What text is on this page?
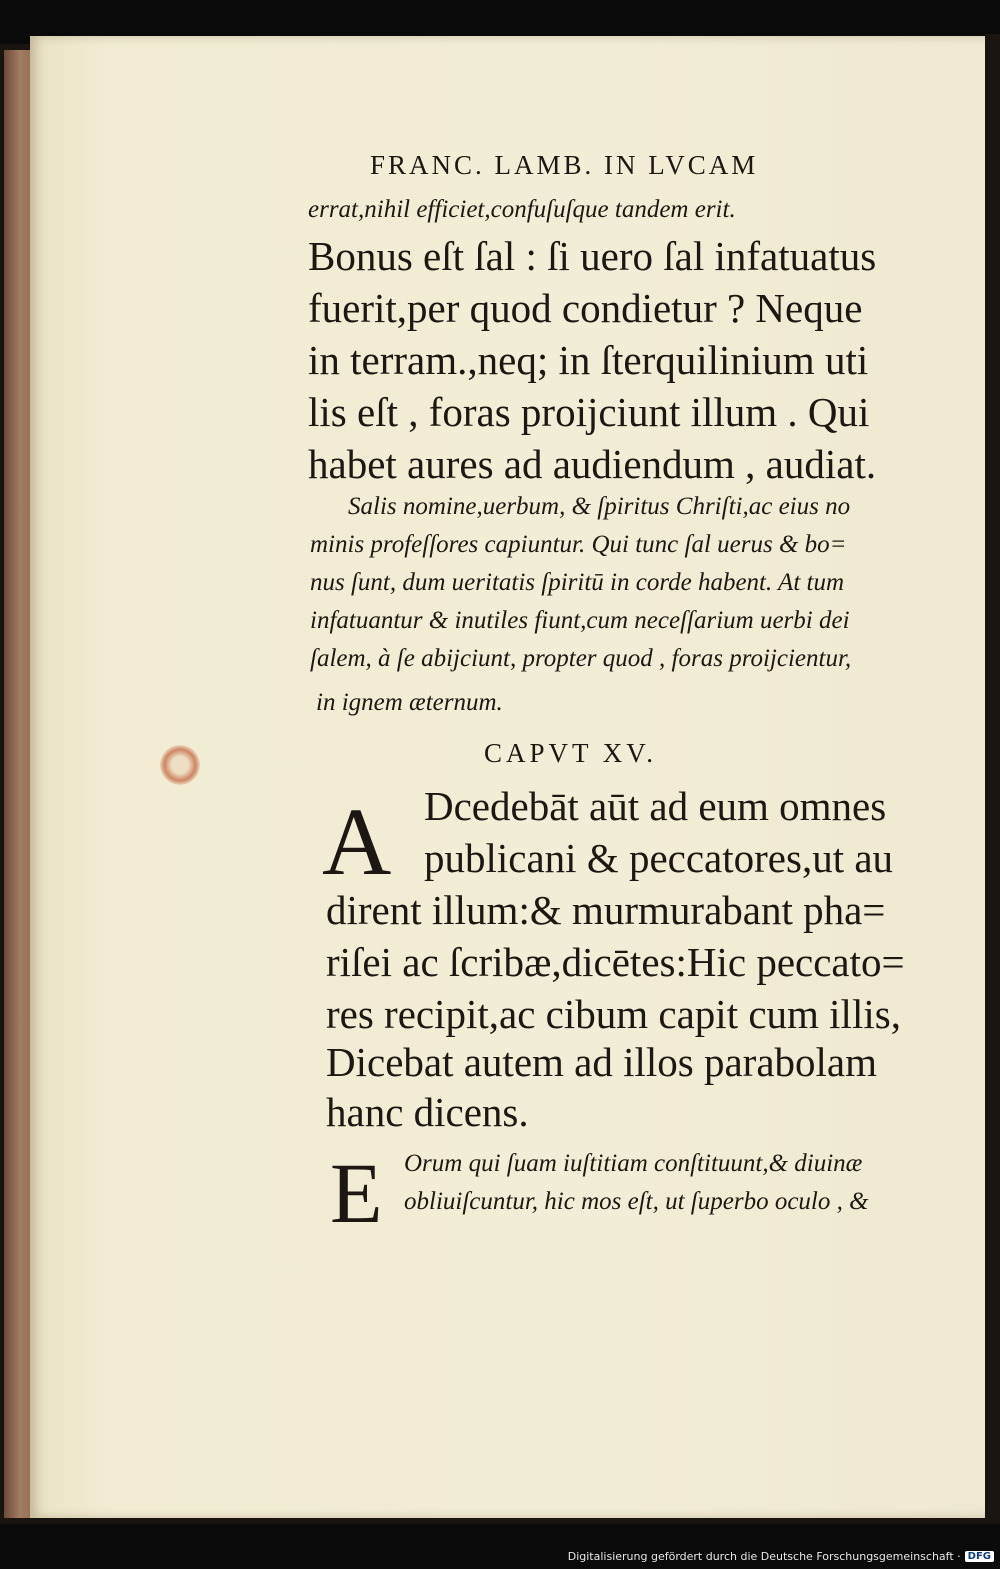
FRANC. LAMB. IN LVCAM
errat,nihil efficiet,confuſuſque tandem erit.
Bonus eſt ſal : ſi uero ſal infatuatus
fuerit,per quod condietur ? Neque
in terram.,neq; in ſterquilinium uti
lis eſt , foras proijciunt illum . Qui
habet aures ad audiendum , audiat.
Salis nomine,uerbum, & ſpiritus Chriſti,ac eius no
minis profeſſores capiuntur. Qui tunc ſal uerus & bo=
nus ſunt, dum ueritatis ſpiritū in corde habent. At tum
infatuantur & inutiles fiunt,cum neceſſarium uerbi dei
ſalem, à ſe abijciunt, propter quod , foras proijcientur,
in ignem æternum.
CAPVT XV.
A Dcedebāt aūt ad eum omnes
publicani & peccatores,ut au
dirent illum:& murmurabant pha=
riſei ac ſcribæ,dicētes:Hic peccato=
res recipit,ac cibum capit cum illis,
Dicebat autem ad illos parabolam
hanc dicens.
E Orum qui ſuam iuſtitiam conſtituunt,& diuinæ
obliuiſcuntur, hic mos eſt, ut ſuperbo oculo , &
Digitalisierung gefördert durch die Deutsche Forschungsgemeinschaft · DFG
